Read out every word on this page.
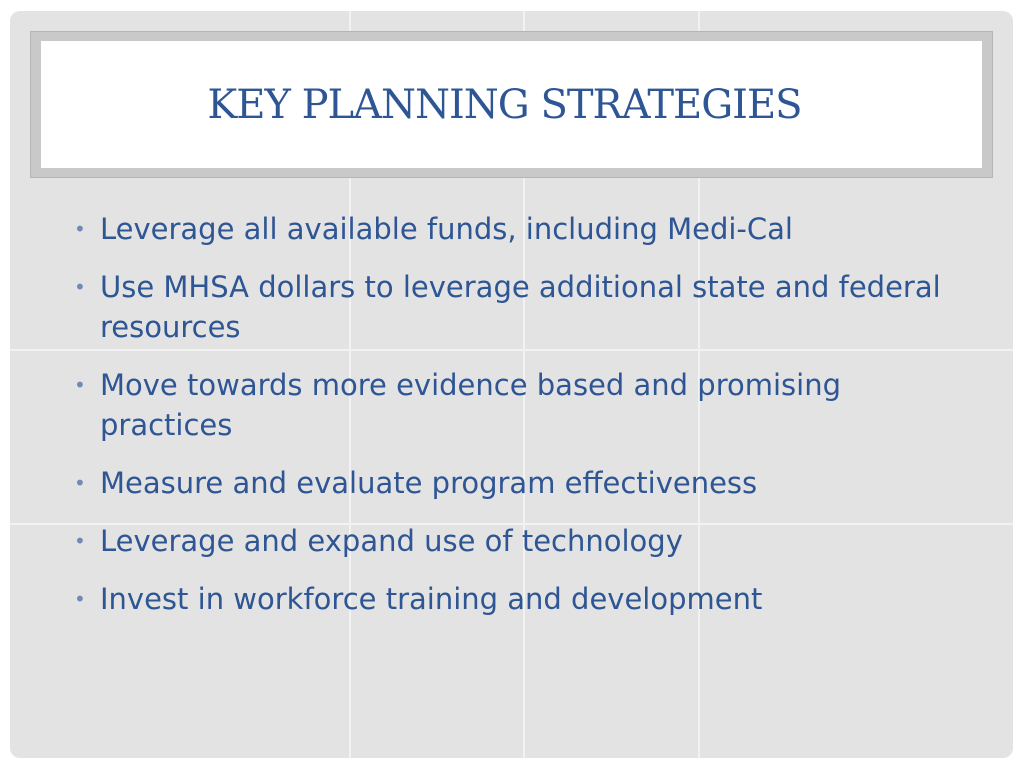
KEY PLANNING STRATEGIES
• Leverage all available funds, including Medi-Cal
• Use MHSA dollars to leverage additional state and federal resources
• Move towards more evidence based and promising practices
• Measure and evaluate program effectiveness
• Leverage and expand use of technology
• Invest in workforce training and development
